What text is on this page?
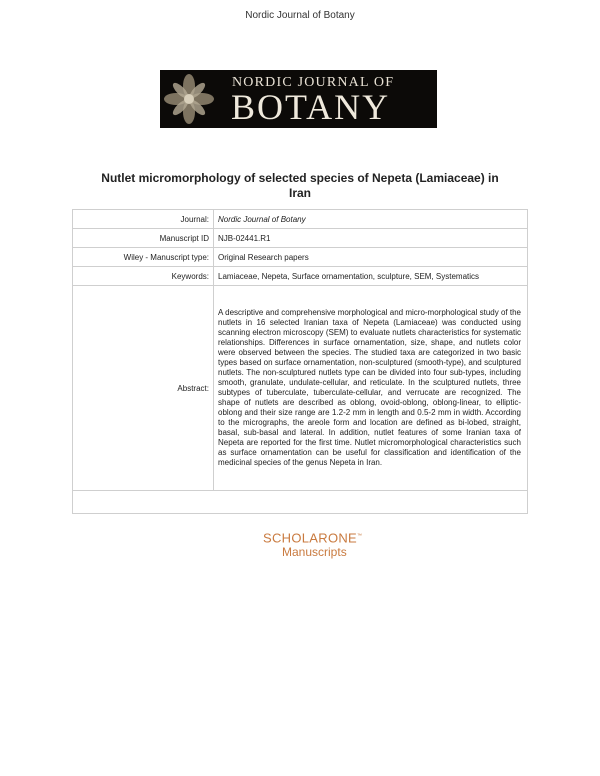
Nordic Journal of Botany
NORDIC JOURNAL OF
BOTANY
Nutlet micromorphology of selected species of Nepeta (Lamiaceae) in Iran
Journal:	Nordic Journal of Botany
Manuscript ID	NJB-02441.R1
Wiley - Manuscript type:	Original Research papers
Keywords:	Lamiaceae, Nepeta, Surface ornamentation, sculpture, SEM, Systematics
Abstract:	A descriptive and comprehensive morphological and micro-morphological study of the nutlets in 16 selected Iranian taxa of Nepeta (Lamiaceae) was conducted using scanning electron microscopy (SEM) to evaluate nutlets characteristics for systematic relationships. Differences in surface ornamentation, size, shape, and nutlets color were observed between the species. The studied taxa are categorized in two basic types based on surface ornamentation, non-sculptured (smooth-type), and sculptured nutlets. The non-sculptured nutlets type can be divided into four sub-types, including smooth, granulate, undulate-cellular, and reticulate. In the sculptured nutlets, three subtypes of tuberculate, tuberculate-cellular, and verrucate are recognized. The shape of nutlets are described as oblong, ovoid-oblong, oblong-linear, to elliptic-oblong and their size range are 1.2-2 mm in length and 0.5-2 mm in width. According to the micrographs, the areole form and location are defined as bi-lobed, straight, basal, sub-basal and lateral. In addition, nutlet features of some Iranian taxa of Nepeta are reported for the first time. Nutlet micromorphological characteristics such as surface ornamentation can be useful for classification and identification of the medicinal species of the genus Nepeta in Iran.

SCHOLARONE™
Manuscripts
